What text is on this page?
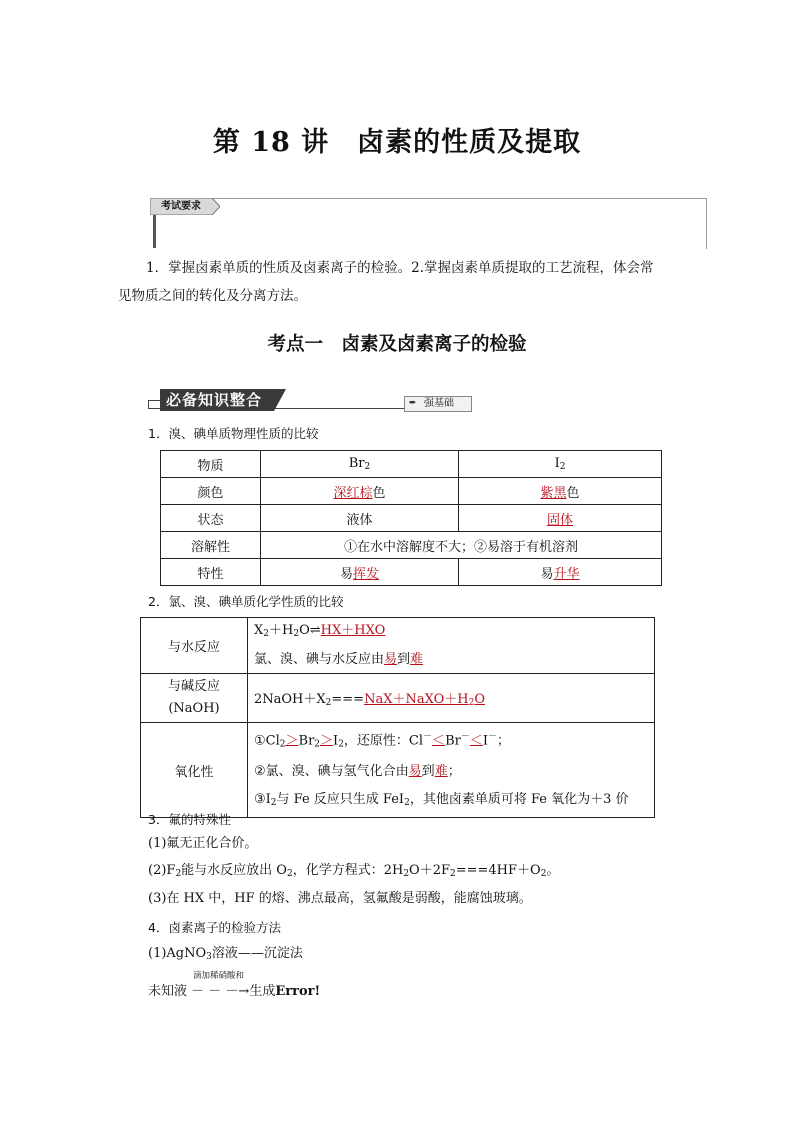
第 18 讲　卤素的性质及提取
考试要求
1．掌握卤素单质的性质及卤素离子的检验。2.掌握卤素单质提取的工艺流程，体会常
见物质之间的转化及分离方法。
考点一　卤素及卤素离子的检验
必备知识整合	➨ 强基础
1．溴、碘单质物理性质的比较
物质	$Br_2$	$I_2$
颜色	深红棕色	紫黑色
状态	液体	固体
溶解性	①在水中溶解度不大；②易溶于有机溶剂	
特性	易挥发	易升华
2．氯、溴、碘单质化学性质的比较
与水反应	$X_2+H_2O\rightleftharpoons HX+HXO$
氯、溴、碘与水反应由易到难
与碱反应
(NaOH)	$2NaOH+X_2===NaX+NaXO+H_2O$
氧化性	$①Cl_2>Br_2>I_2$，还原性：Cl－＜Br－＜I－；
②氯、溴、碘与氢气化合由易到难；
$③I_2$与 Fe 反应只生成 FeI$_2$，其他卤素单质可将 Fe 氧化为＋3 价
3．氟的特殊性
(1)氟无正化合价。
$(2)F_2$能与水反应放出 $O_2$，化学方程式：$2H_2O+2F_2===4HF+O_2$。
(3)在 HX 中，HF 的熔、沸点最高，氢氟酸是弱酸，能腐蚀玻璃。
4．卤素离子的检验方法
(1)AgNO$_3$溶液——沉淀法
滴加稀硝酸和
未知液 － － －→生成Error!
